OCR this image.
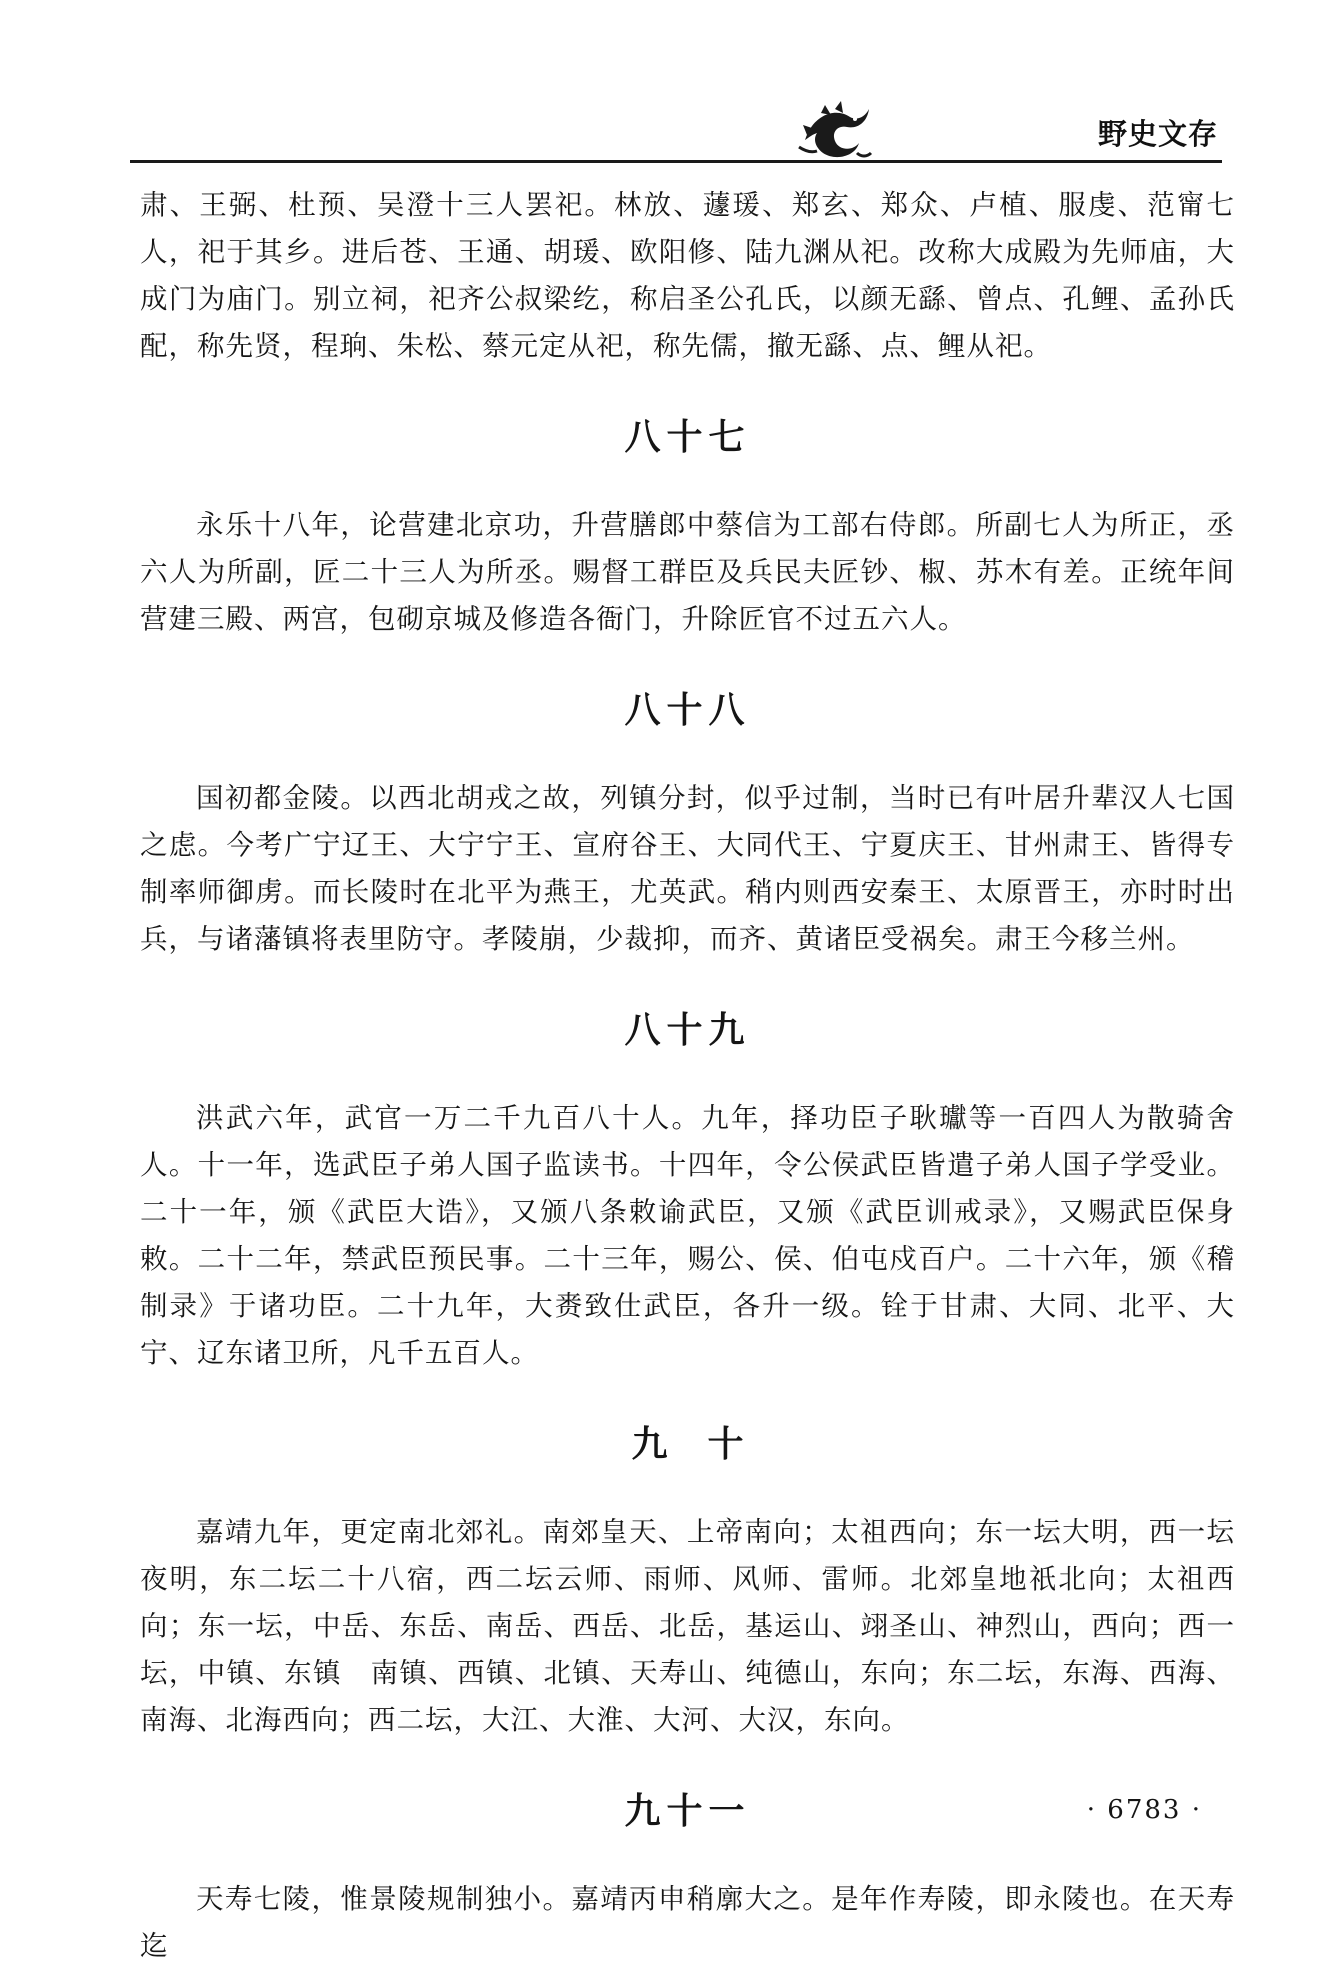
野史文存

肃、王弼、杜预、吴澄十三人罢祀。林放、蘧瑗、郑玄、郑众、卢植、服虔、范甯七人，祀于其乡。进后苍、王通、胡瑗、欧阳修、陆九渊从祀。改称大成殿为先师庙，大成门为庙门。别立祠，祀齐公叔梁纥，称启圣公孔氏，以颜无繇、曾点、孔鲤、孟孙氏配，称先贤，程珦、朱松、蔡元定从祀，称先儒，撤无繇、点、鲤从祀。

八十七

永乐十八年，论营建北京功，升营膳郎中蔡信为工部右侍郎。所副七人为所正，丞六人为所副，匠二十三人为所丞。赐督工群臣及兵民夫匠钞、椒、苏木有差。正统年间营建三殿、两宫，包砌京城及修造各衙门，升除匠官不过五六人。

八十八

国初都金陵。以西北胡戎之故，列镇分封，似乎过制，当时已有叶居升辈汉人七国之虑。今考广宁辽王、大宁宁王、宣府谷王、大同代王、宁夏庆王、甘州肃王、皆得专制率师御虏。而长陵时在北平为燕王，尤英武。稍内则西安秦王、太原晋王，亦时时出兵，与诸藩镇将表里防守。孝陵崩，少裁抑，而齐、黄诸臣受祸矣。肃王今移兰州。

八十九

洪武六年，武官一万二千九百八十人。九年，择功臣子耿瓛等一百四人为散骑舍人。十一年，选武臣子弟人国子监读书。十四年，令公侯武臣皆遣子弟人国子学受业。二十一年，颁《武臣大诰》，又颁八条敕谕武臣，又颁《武臣训戒录》，又赐武臣保身敕。二十二年，禁武臣预民事。二十三年，赐公、侯、伯屯戍百户。二十六年，颁《稽制录》于诸功臣。二十九年，大赉致仕武臣，各升一级。铨于甘肃、大同、北平、大宁、辽东诸卫所，凡千五百人。

九十

嘉靖九年，更定南北郊礼。南郊皇天、上帝南向；太祖西向；东一坛大明，西一坛夜明，东二坛二十八宿，西二坛云师、雨师、风师、雷师。北郊皇地祇北向；太祖西向；东一坛，中岳、东岳、南岳、西岳、北岳，基运山、翊圣山、神烈山，西向；西一坛，中镇、东镇　南镇、西镇、北镇、天寿山、纯德山，东向；东二坛，东海、西海、南海、北海西向；西二坛，大江、大淮、大河、大汉，东向。

九十一

天寿七陵，惟景陵规制独小。嘉靖丙申稍廓大之。是年作寿陵，即永陵也。在天寿迄

· 6783 ·
